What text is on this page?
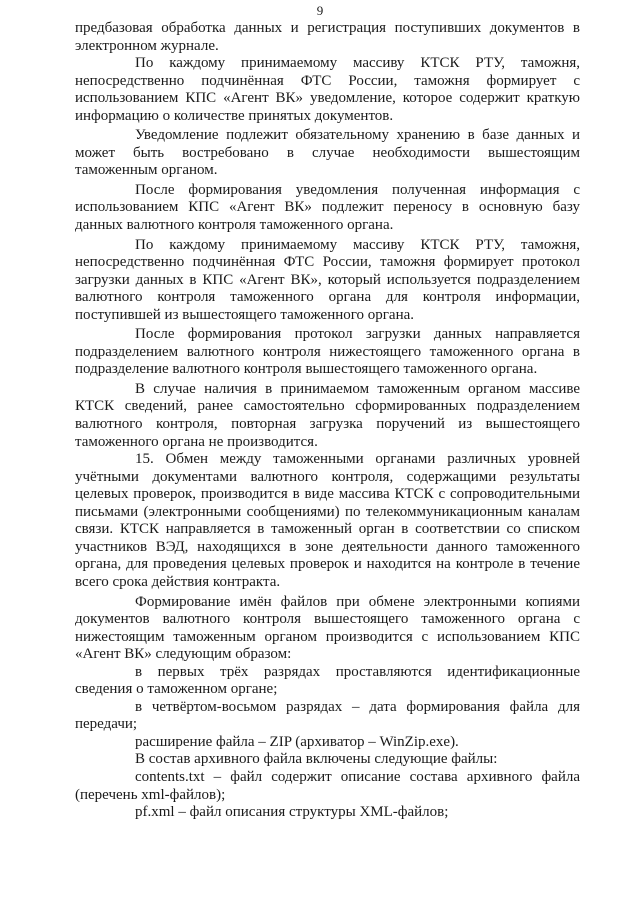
9

предбазовая обработка данных и регистрация поступивших документов в электронном журнале.

По каждому принимаемому массиву КТСК РТУ, таможня, непосредственно подчинённая ФТС России, таможня формирует с использованием КПС «Агент ВК» уведомление, которое содержит краткую информацию о количестве принятых документов.

Уведомление подлежит обязательному хранению в базе данных и может быть востребовано в случае необходимости вышестоящим таможенным органом.

После формирования уведомления полученная информация с использованием КПС «Агент ВК» подлежит переносу в основную базу данных валютного контроля таможенного органа.

По каждому принимаемому массиву КТСК РТУ, таможня, непосредственно подчинённая ФТС России, таможня формирует протокол загрузки данных в КПС «Агент ВК», который используется подразделением валютного контроля таможенного органа для контроля информации, поступившей из вышестоящего таможенного органа.

После формирования протокол загрузки данных направляется подразделением валютного контроля нижестоящего таможенного органа в подразделение валютного контроля вышестоящего таможенного органа.

В случае наличия в принимаемом таможенным органом массиве КТСК сведений, ранее самостоятельно сформированных подразделением валютного контроля, повторная загрузка поручений из вышестоящего таможенного органа не производится.

15. Обмен между таможенными органами различных уровней учётными документами валютного контроля, содержащими результаты целевых проверок, производится в виде массива КТСК с сопроводительными письмами (электронными сообщениями) по телекоммуникационным каналам связи. КТСК направляется в таможенный орган в соответствии со списком участников ВЭД, находящихся в зоне деятельности данного таможенного органа, для проведения целевых проверок и находится на контроле в течение всего срока действия контракта.

Формирование имён файлов при обмене электронными копиями документов валютного контроля вышестоящего таможенного органа с нижестоящим таможенным органом производится с использованием КПС «Агент ВК» следующим образом:

в первых трёх разрядах проставляются идентификационные сведения о таможенном органе;

в четвёртом-восьмом разрядах – дата формирования файла для передачи;

расширение файла – ZIP (архиватор – WinZip.exe).

В состав архивного файла включены следующие файлы:

contents.txt – файл содержит описание состава архивного файла (перечень xml-файлов);

pf.xml – файл описания структуры XML-файлов;
